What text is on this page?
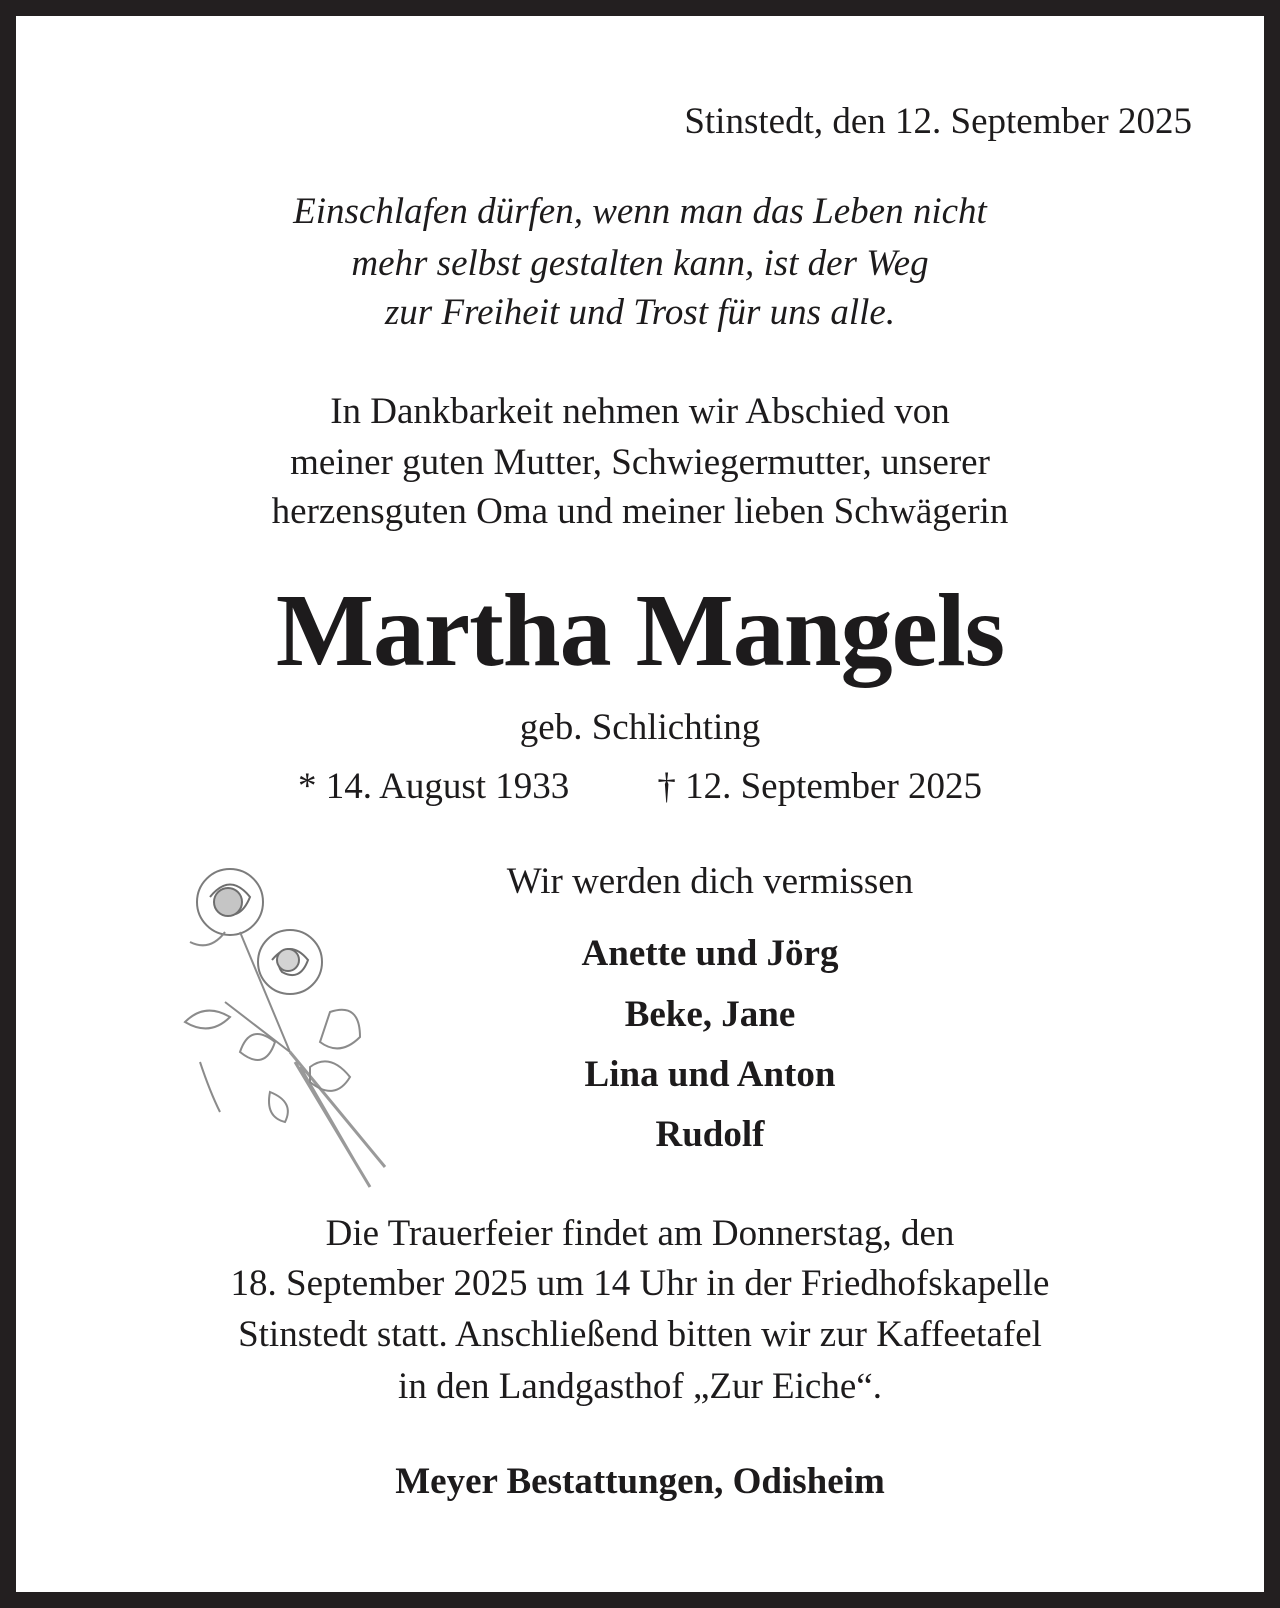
Stinstedt, den 12. September 2025
Einschlafen dürfen, wenn man das Leben nicht
mehr selbst gestalten kann, ist der Weg
zur Freiheit und Trost für uns alle.
In Dankbarkeit nehmen wir Abschied von
meiner guten Mutter, Schwiegermutter, unserer
herzensguten Oma und meiner lieben Schwägerin
Martha Mangels
geb. Schlichting
* 14. August 1933 † 12. September 2025
Wir werden dich vermissen
Anette und Jörg
Beke, Jane
Lina und Anton
Rudolf
Die Trauerfeier findet am Donnerstag, den
18. September 2025 um 14 Uhr in der Friedhofskapelle
Stinstedt statt. Anschließend bitten wir zur Kaffeetafel
in den Landgasthof „Zur Eiche“.
Meyer Bestattungen, Odisheim
